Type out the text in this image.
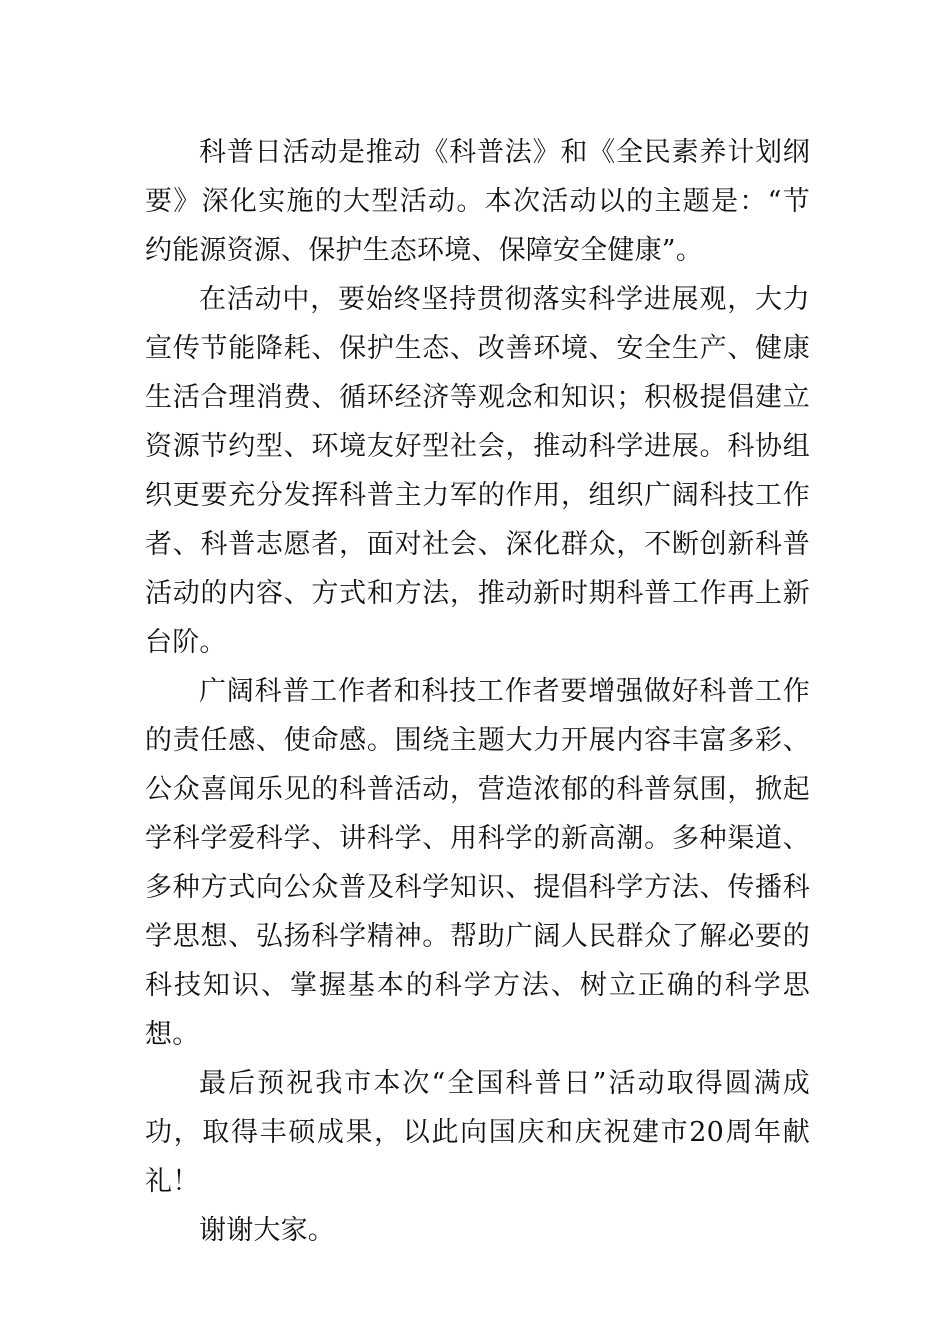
科普日活动是推动《科普法》和《全民素养计划纲要》深化实施的大型活动。本次活动以的主题是：“节约能源资源、保护生态环境、保障安全健康”。

在活动中，要始终坚持贯彻落实科学进展观，大力宣传节能降耗、保护生态、改善环境、安全生产、健康生活合理消费、循环经济等观念和知识；积极提倡建立资源节约型、环境友好型社会，推动科学进展。科协组织更要充分发挥科普主力军的作用，组织广阔科技工作者、科普志愿者，面对社会、深化群众，不断创新科普活动的内容、方式和方法，推动新时期科普工作再上新台阶。

广阔科普工作者和科技工作者要增强做好科普工作的责任感、使命感。围绕主题大力开展内容丰富多彩、公众喜闻乐见的科普活动，营造浓郁的科普氛围，掀起学科学爱科学、讲科学、用科学的新高潮。多种渠道、多种方式向公众普及科学知识、提倡科学方法、传播科学思想、弘扬科学精神。帮助广阔人民群众了解必要的科技知识、掌握基本的科学方法、树立正确的科学思想。

最后预祝我市本次“全国科普日”活动取得圆满成功，取得丰硕成果，以此向国庆和庆祝建市20周年献礼！

谢谢大家。
